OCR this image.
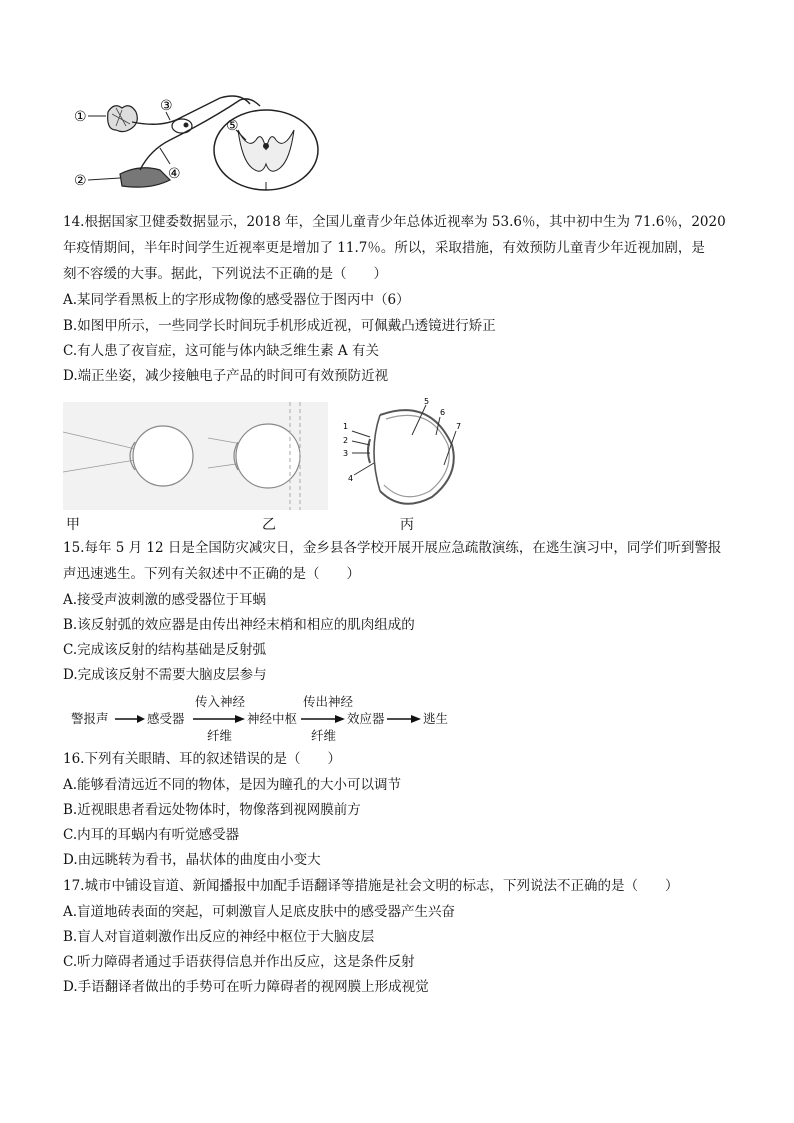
①
②
③
④
⑤
14.根据国家卫健委数据显示，2018 年，全国儿童青少年总体近视率为 53.6％，其中初中生为 71.6％，2020
年疫情期间，半年时间学生近视率更是增加了 11.7％。所以，采取措施，有效预防儿童青少年近视加剧，是
刻不容缓的大事。据此，下列说法不正确的是（　　）
A.某同学看黑板上的字形成物像的感受器位于图丙中（6）
B.如图甲所示，一些同学长时间玩手机形成近视，可佩戴凸透镜进行矫正
C.有人患了夜盲症，这可能与体内缺乏维生素 A 有关
D.端正坐姿，减少接触电子产品的时间可有效预防近视
1
2
3
4
5
6
7
甲	乙	丙
15.每年 5 月 12 日是全国防灾减灾日，金乡县各学校开展开展应急疏散演练，在逃生演习中，同学们听到警报
声迅速逃生。下列有关叙述中不正确的是（　　）
A.接受声波刺激的感受器位于耳蜗
B.该反射弧的效应器是由传出神经末梢和相应的肌肉组成的
C.完成该反射的结构基础是反射弧
D.完成该反射不需要大脑皮层参与
警报声	感受器
传入神经
纤维
神经中枢
传出神经
纤维
效应器	逃生
16.下列有关眼睛、耳的叙述错误的是（　　）
A.能够看清远近不同的物体，是因为瞳孔的大小可以调节
B.近视眼患者看远处物体时，物像落到视网膜前方
C.内耳的耳蜗内有听觉感受器
D.由远眺转为看书，晶状体的曲度由小变大
17.城市中铺设盲道、新闻播报中加配手语翻译等措施是社会文明的标志，下列说法不正确的是（　　）
A.盲道地砖表面的突起，可刺激盲人足底皮肤中的感受器产生兴奋
B.盲人对盲道刺激作出反应的神经中枢位于大脑皮层
C.听力障碍者通过手语获得信息并作出反应，这是条件反射
D.手语翻译者做出的手势可在听力障碍者的视网膜上形成视觉
